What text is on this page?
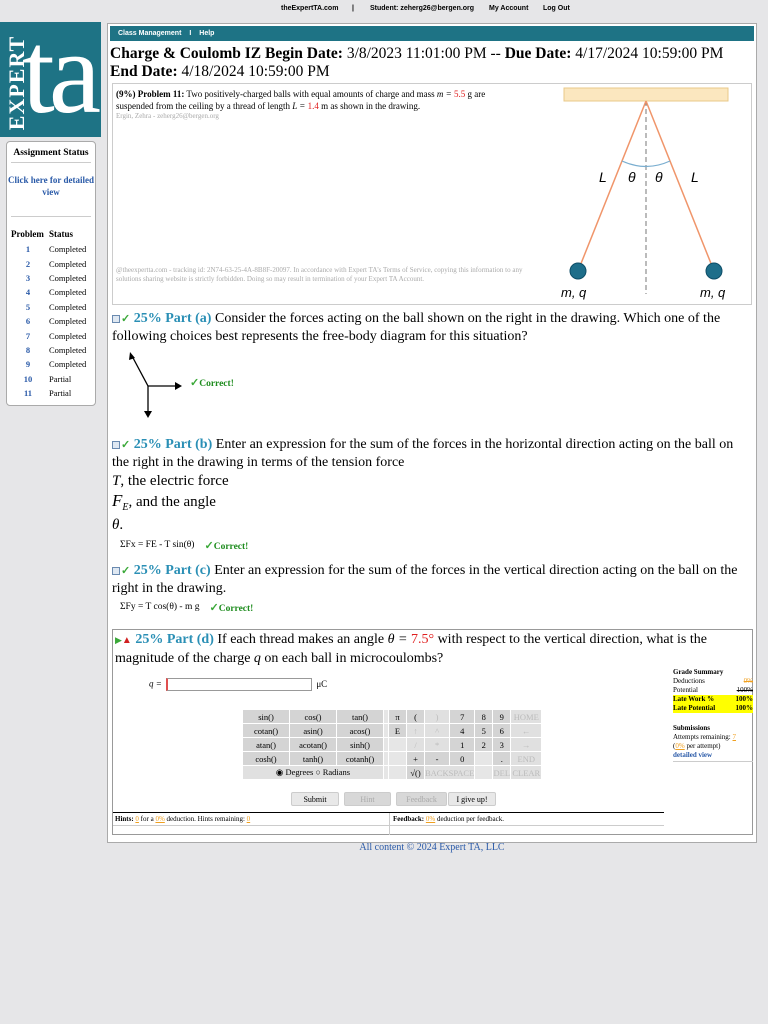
theExpertTA.com | Student: zeherg26@bergen.org My Account Log Out
EXPERT
ta
Assignment Status
Click here for detailed view
Problem	Status
1	Completed
2	Completed
3	Completed
4	Completed
5	Completed
6	Completed
7	Completed
8	Completed
9	Completed
10	Partial
11	Partial
Class Management I Help
Charge & Coulomb IZ Begin Date: 3/8/2023 11:01:00 PM -- Due Date: 4/17/2024 10:59:00 PM End Date: 4/18/2024 10:59:00 PM
(9%) Problem 11: Two positively-charged balls with equal amounts of charge and mass m = 5.5 g are suspended from the ceiling by a thread of length L = 1.4 m as shown in the drawing.
Ergin, Zehra - zeherg26@bergen.org
@theexpertta.com - tracking id: 2N74-63-25-4A-8B8F-20097. In accordance with Expert TA's Terms of Service, copying this information to any solutions sharing website is strictly forbidden. Doing so may result in termination of your Expert TA Account.
L θ θ L
m, q	m, q
✓ 25% Part (a) Consider the forces acting on the ball shown on the right in the drawing. Which one of the following choices best represents the free-body diagram for this situation?
✓Correct!
✓ 25% Part (b) Enter an expression for the sum of the forces in the horizontal direction acting on the ball on the right in the drawing in terms of the tension force
T, the electric force
$F_E$, and the angle
θ.
ΣFx = FE - T sin(θ) ✓Correct!
✓ 25% Part (c) Enter an expression for the sum of the forces in the vertical direction acting on the ball on the right in the drawing.
ΣFy = T cos(θ) - m g ✓Correct!
▶▲ 25% Part (d) If each thread makes an angle θ = 7.5° with respect to the vertical direction, what is the magnitude of the charge q on each ball in microcoulombs?
q =	μC
Grade Summary
Deductions	0%
Potential	100%
Late Work %	100%
Late Potential	100%
Submissions
Attempts remaining: 7
(0% per attempt)
detailed view
sin()	cos()	tan()		π	(	)	7	8	9	HOME
cotan()	asin()	acos()		E	↑	^	4	5	6	←
atan()	acotan()	sinh()			/	*	1	2	3	→
cosh()	tanh()	cotanh()			+	-	0		.	END
◉ Degrees ○ Radians					√()	BACKSPACE			DEL	CLEAR
Submit	Hint	Feedback	I give up!
Hints: 0 for a 0% deduction. Hints remaining: 0	Feedback: 0% deduction per feedback.
All content © 2024 Expert TA, LLC
